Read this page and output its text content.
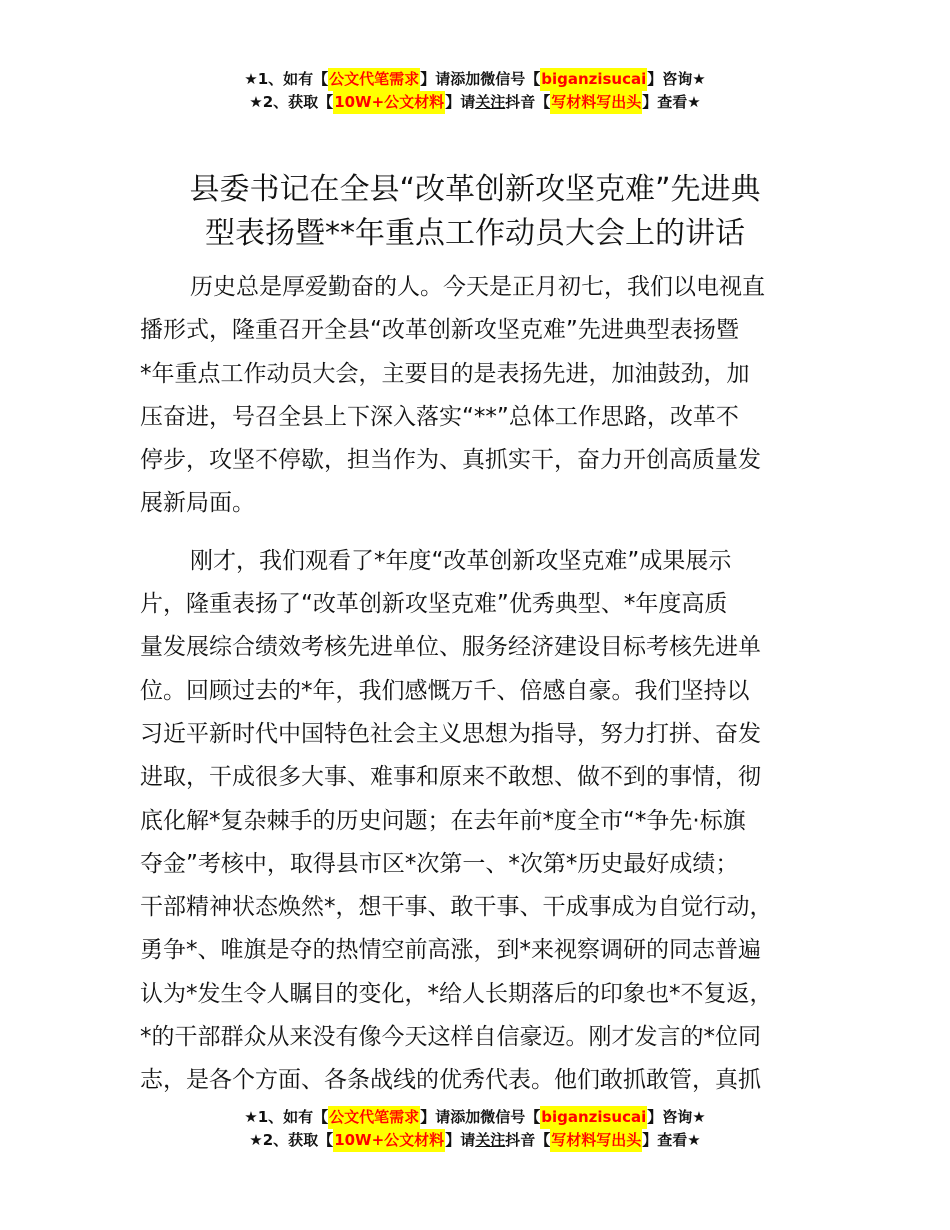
★1、如有【 公文代笔需求 】请添加微信号【 biganzisucai 】咨询★
★2、获取【 10W+公文材料 】请 关注 抖音【 写材料写出头 】查看★
县委书记在全县“改革创新攻坚克难”先进典
型表扬暨**年重点工作动员大会上的讲话
历史总是厚爱勤奋的人。今天是正月初七，我们以电视直
播形式，隆重召开全县“改革创新攻坚克难”先进典型表扬暨
*年重点工作动员大会，主要目的是表扬先进，加油鼓劲，加
压奋进，号召全县上下深入落实“**”总体工作思路，改革不
停步，攻坚不停歇，担当作为、真抓实干，奋力开创高质量发
展新局面。
刚才，我们观看了*年度“改革创新攻坚克难”成果展示
片，隆重表扬了“改革创新攻坚克难”优秀典型、*年度高质
量发展综合绩效考核先进单位、服务经济建设目标考核先进单
位。回顾过去的*年，我们感慨万千、倍感自豪。我们坚持以
习近平新时代中国特色社会主义思想为指导，努力打拼、奋发
进取，干成很多大事、难事和原来不敢想、做不到的事情，彻
底化解*复杂棘手的历史问题；在去年前*度全市“*争先·标旗
夺金”考核中，取得县市区*次第一、*次第*历史最好成绩；
干部精神状态焕然*，想干事、敢干事、干成事成为自觉行动，
勇争*、唯旗是夺的热情空前高涨，到*来视察调研的同志普遍
认为*发生令人瞩目的变化，*给人长期落后的印象也*不复返，
*的干部群众从来没有像今天这样自信豪迈。刚才发言的*位同
志，是各个方面、各条战线的优秀代表。他们敢抓敢管，真抓
★1、如有【 公文代笔需求 】请添加微信号【 biganzisucai 】咨询★
★2、获取【 10W+公文材料 】请 关注 抖音【 写材料写出头 】查看★
